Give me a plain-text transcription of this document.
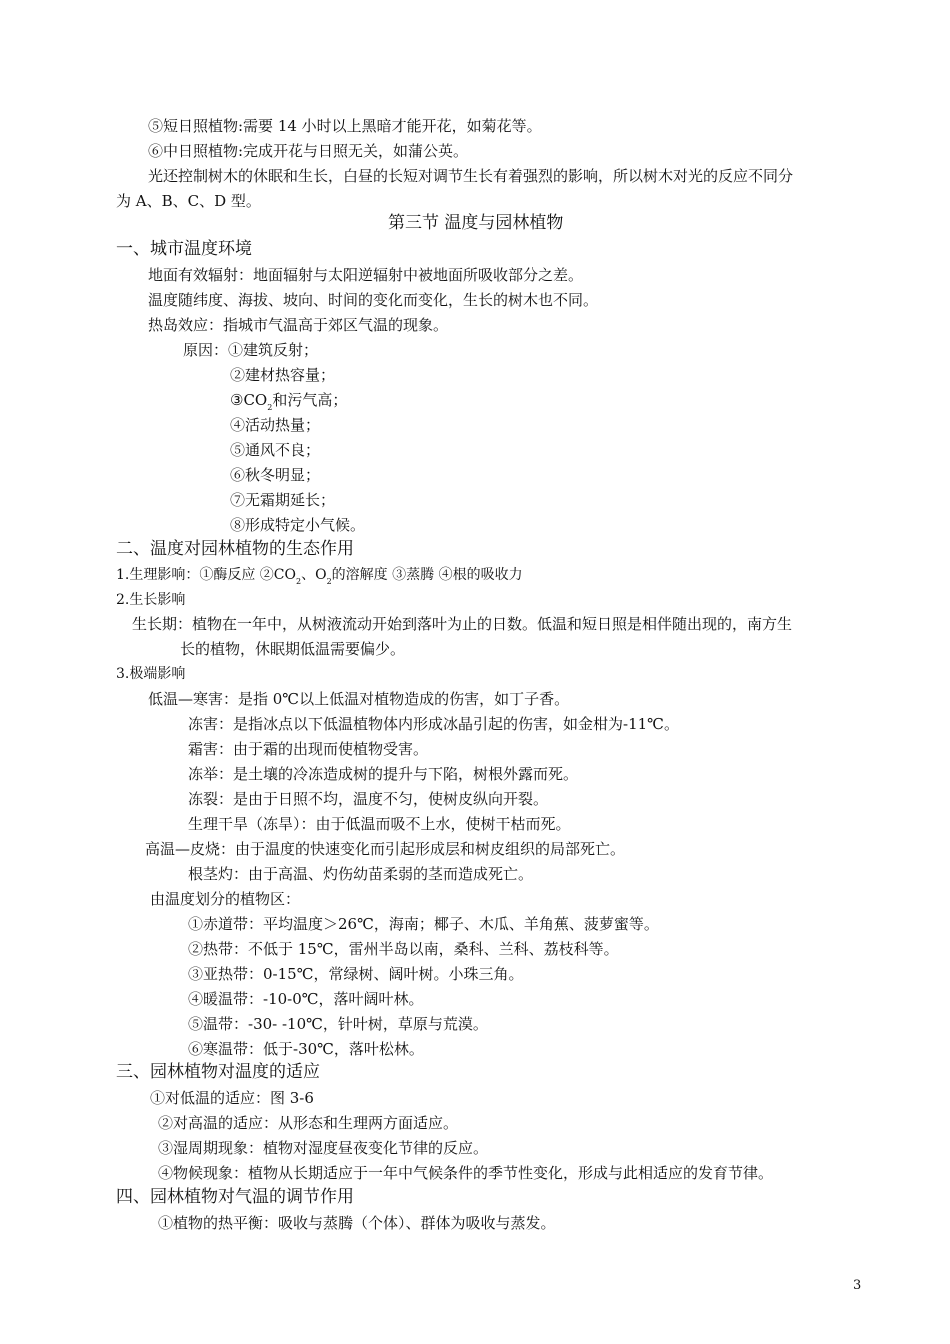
⑤短日照植物:需要 14 小时以上黑暗才能开花，如菊花等。
⑥中日照植物:完成开花与日照无关，如蒲公英。
光还控制树木的休眠和生长，白昼的长短对调节生长有着强烈的影响，所以树木对光的反应不同分
为 A、B、C、D 型。
第三节 温度与园林植物
一、城市温度环境
地面有效辐射：地面辐射与太阳逆辐射中被地面所吸收部分之差。
温度随纬度、海拔、坡向、时间的变化而变化，生长的树木也不同。
热岛效应：指城市气温高于郊区气温的现象。
原因：①建筑反射；
②建材热容量；
$③CO_2$和污气高；
④活动热量；
⑤通风不良；
⑥秋冬明显；
⑦无霜期延长；
⑧形成特定小气候。
二、温度对园林植物的生态作用
1.生理影响：①酶反应 $②CO_2$、$O_2$的溶解度 ③蒸腾 ④根的吸收力
2.生长影响
生长期：植物在一年中，从树液流动开始到落叶为止的日数。低温和短日照是相伴随出现的，南方生
长的植物，休眠期低温需要偏少。
3.极端影响
低温—寒害：是指 0℃以上低温对植物造成的伤害，如丁子香。
冻害：是指冰点以下低温植物体内形成冰晶引起的伤害，如金柑为-11℃。
霜害：由于霜的出现而使植物受害。
冻举：是土壤的冷冻造成树的提升与下陷，树根外露而死。
冻裂：是由于日照不均，温度不匀，使树皮纵向开裂。
生理干旱（冻旱）：由于低温而吸不上水，使树干枯而死。
高温—皮烧：由于温度的快速变化而引起形成层和树皮组织的局部死亡。
根茎灼：由于高温、灼伤幼苗柔弱的茎而造成死亡。
由温度划分的植物区：
①赤道带：平均温度＞26℃，海南；椰子、木瓜、羊角蕉、菠萝蜜等。
②热带：不低于 15℃，雷州半岛以南，桑科、兰科、荔枝科等。
③亚热带：0-15℃，常绿树、阔叶树。小珠三角。
④暖温带：-10-0℃，落叶阔叶林。
⑤温带：-30- -10℃，针叶树，草原与荒漠。
⑥寒温带：低于-30℃，落叶松林。
三、园林植物对温度的适应
①对低温的适应：图 3-6
②对高温的适应：从形态和生理两方面适应。
③湿周期现象：植物对湿度昼夜变化节律的反应。
④物候现象：植物从长期适应于一年中气候条件的季节性变化，形成与此相适应的发育节律。
四、园林植物对气温的调节作用
①植物的热平衡：吸收与蒸腾（个体）、群体为吸收与蒸发。
3
